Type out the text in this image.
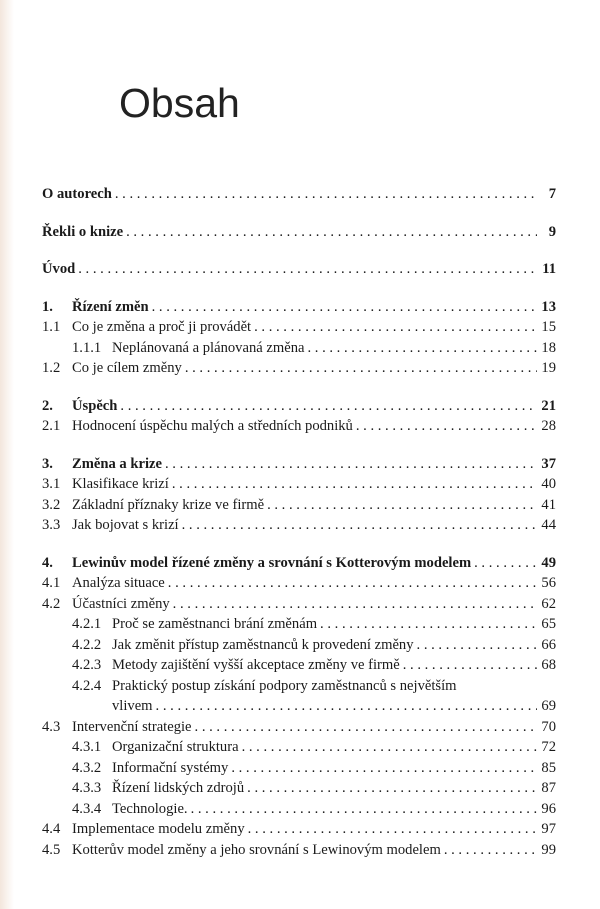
Obsah
O autorech . . .	7
Řekli o knize . . .	9
Úvod . . .	11
1.	Řízení změn . . .	13
1.1 Co je změna a proč ji provádět . . .	15
1.1.1 Neplánovaná a plánovaná změna . . .	18
1.2 Co je cílem změny . . .	19
2.	Úspěch . . .	21
2.1 Hodnocení úspěchu malých a středních podniků . . .	28
3.	Změna a krize . . .	37
3.1 Klasifikace krizí . . .	40
3.2 Základní příznaky krize ve firmě . . .	41
3.3 Jak bojovat s krizí . . .	44
4.	Lewinův model řízené změny a srovnání s Kotterovým modelem . . .	49
4.1 Analýza situace . . .	56
4.2 Účastníci změny . . .	62
4.2.1 Proč se zaměstnanci brání změnám . . .	65
4.2.2 Jak změnit přístup zaměstnanců k provedení změny . . .	66
4.2.3 Metody zajištění vyšší akceptace změny ve firmě . . .	68
4.2.4 Praktický postup získání podpory zaměstnanců s největším
vlivem . . .	69
4.3 Intervenční strategie . . .	70
4.3.1 Organizační struktura . . .	72
4.3.2 Informační systémy . . .	85
4.3.3 Řízení lidských zdrojů . . .	87
4.3.4 Technologie. . . .	96
4.4 Implementace modelu změny . . .	97
4.5 Kotterův model změny a jeho srovnání s Lewinovým modelem . . .	99
